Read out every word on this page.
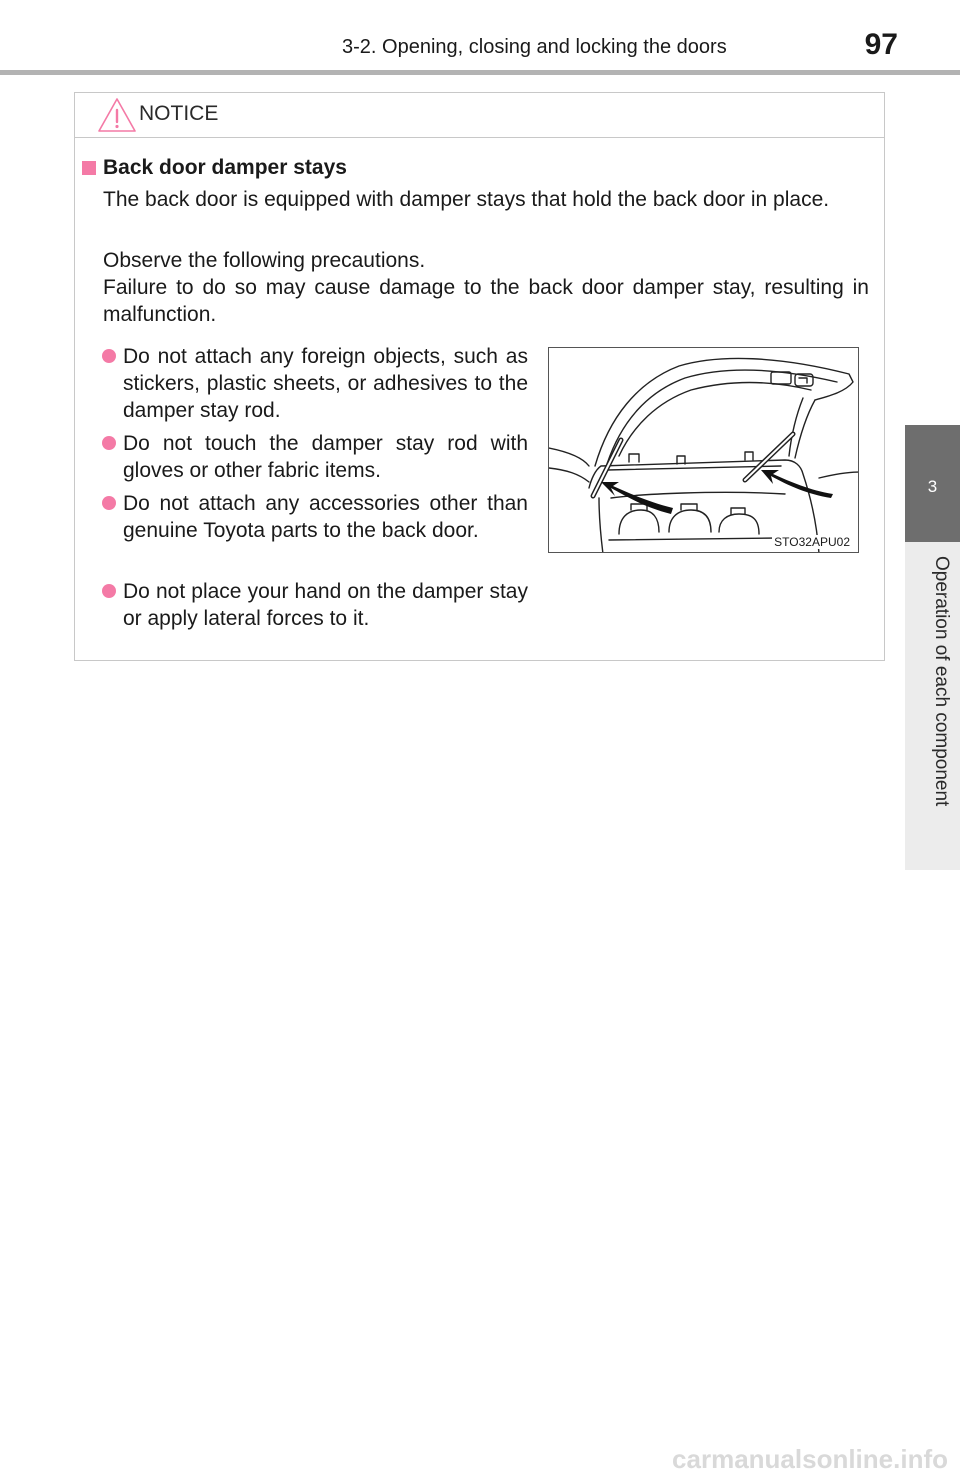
3-2. Opening, closing and locking the doors	97
3
Operation of each component
NOTICE
Back door damper stays
The back door is equipped with damper stays that hold the back door in place.
Observe the following precautions.
Failure to do so may cause damage to the back door damper stay, resulting in malfunction.
Do not attach any foreign objects, such as stickers, plastic sheets, or adhesives to the damper stay rod.
Do not touch the damper stay rod with gloves or other fabric items.
Do not attach any accessories other than genuine Toyota parts to the back door.
Do not place your hand on the damper stay or apply lateral forces to it.
STO32APU02
carmanualsonline.info
